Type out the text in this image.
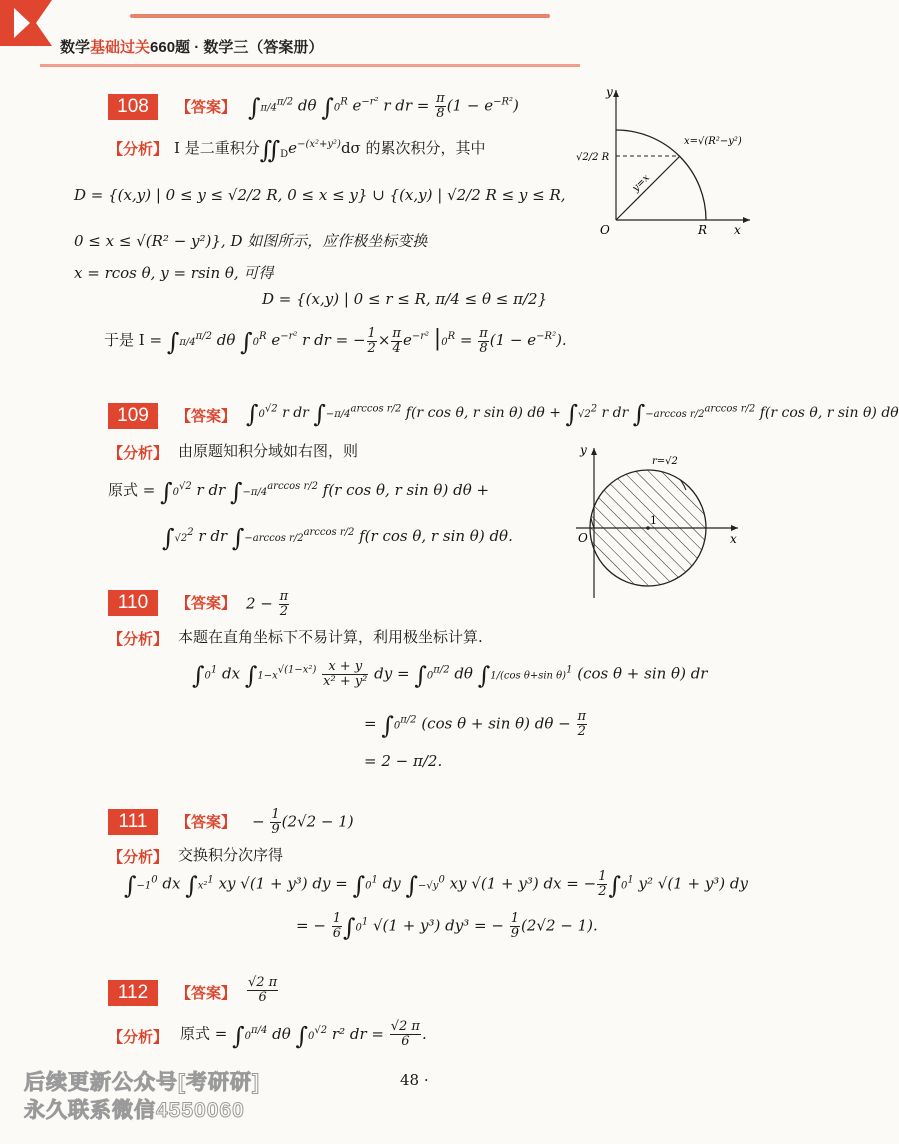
数学基础过关660题 · 数学三（答案册）
108	【答案】 $\int\pi/4^{\pi/2}$ dθ $\int 0^R$ $e^{-r^2}$ r dr = $\frac{\pi}{8} (1 - e^{-R^2})$
【分析】 I 是二重积分$∬_De^{-(x^2+y^2)}d\sigma$ 的累次积分，其中
D = {(x,y) | 0 ≤ y ≤ √2/2 R, 0 ≤ x ≤ y} ∪ {(x,y) | √2/2 R ≤ y ≤ R,
0 ≤ x ≤ √(R² − y²)}, D 如图所示，应作极坐标变换
x = rcos θ, y = rsin θ, 可得
D = {(x,y) | 0 ≤ r ≤ R, π/4 ≤ θ ≤ π/2}
于是 $I = \int\pi/4^{\pi/2}$ dθ $\int 0^R$ $e^{-r^2}$ r dr = − $\frac{1}{2} \times \frac{\pi}{4} e^{-r^2}$ $|0^R = \frac{\pi}{8} (1 - e^{-R^2})$.
y
x
O	R
√2/2 R
x=√(R²−y²)
y=x
109	【答案】 $\int 0^{√2}$ r dr $\int-\pi/4^{arccos r/2}$ f(r cos θ, r sin θ) $d\theta + \int√2^2$ r dr ∫−arccos $r/2^{arccos r/2}$ f(r cos θ, r sin θ) dθ
【分析】 由原题知积分域如右图，则
原式 = $\int 0^{√2}$ r dr $\int-\pi/4^{arccos r/2}$ f(r cos θ, r sin θ) dθ +
$\int√2^2$ r dr ∫−arccos $r/2^{arccos r/2}$ f(r cos θ, r sin θ) dθ.
y
x
O
1
r=√2
110	【答案】 $2 - \frac{\pi}{2}$
【分析】 本题在直角坐标下不易计算，利用极坐标计算.
$\int 0^1$ dx $\int 1-x^{√(1-x^2)} \frac{x + y}{\text{x² + y²}}$ dy = $\int 0^{\pi/2}$ dθ ∫1/(cos θ+sin θ)$^1$ (cos θ + sin θ) dr
= $\int 0^{\pi/2}$ (cos θ + sin θ) $d\theta - \frac{\pi}{2}$
= 2 − π/2.
111	【答案】 − $\frac{1}{9} (2√2 - 1)$
【分析】 交换积分次序得
$\int-1^0$ dx ∫x²$^1$ xy √(1 + y³) dy = $\int 0^1$ dy $\int-√y^0$ xy √(1 + y³) dx = − $\frac{1}{2} \int 0^1$ y² √(1 + y³) dy
= − $\frac{1}{6} \int 0^1$ √(1 + y³) dy³ = − $\frac{1}{9} (2√2 - 1)$.
112	【答案】 $\frac{√2 \pi}{6}$
【分析】 原式 = $\int 0^{\pi/4}$ dθ $\int 0^{√2}$ r² dr = $\frac{√2 \pi}{6}$ .
48 ·
后续更新公众号[考研研]
永久联系微信4550060
